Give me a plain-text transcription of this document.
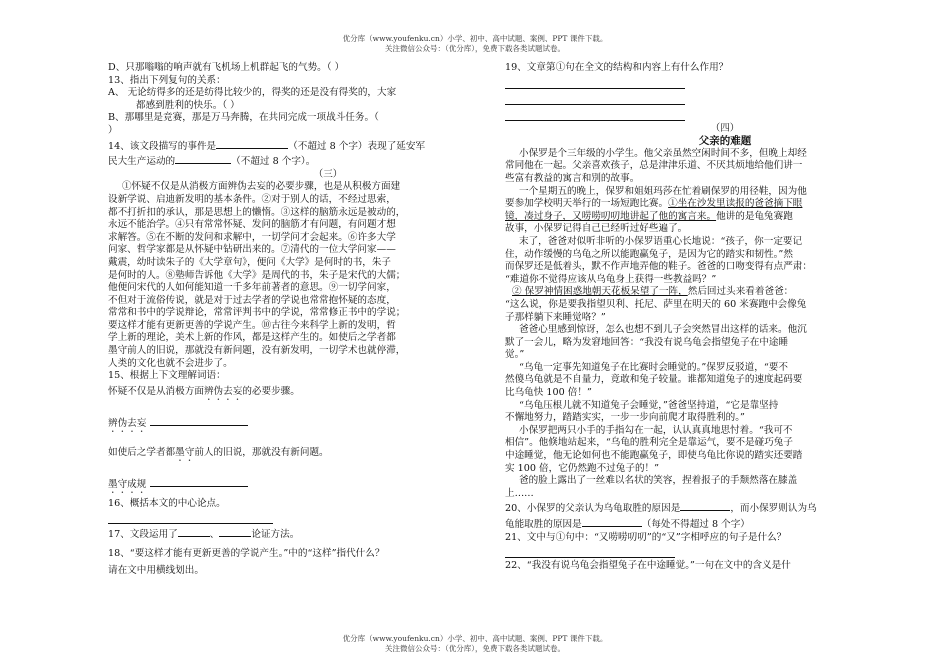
优分库（www.youfenku.cn）小学、初中、高中试题、案例、PPT 课件下载。
关注微信公众号：（优分库），免费下载各类试题试卷。

D、只那嗡嗡的响声就有飞机场上机群起飞的气势。（ ）

13、指出下列复句的关系：

A、 无论纺得多的还是纺得比较少的，得奖的还是没有得奖的，大家

都感到胜利的快乐。（ ）

B、那哪里是竞赛，那是万马奔腾，在共同完成一项战斗任务。（

）

14、该文段描写的事件是	（不超过 8 个字）表现了延安军

民大生产运动的	（不超过 8 个字）。

（三）

①怀疑不仅是从消极方面辨伪去妄的必要步骤，也是从积极方面建

设新学说、启迪新发明的基本条件。②对于别人的话，不经过思索，

都不打折扣的承认，那是思想上的懒惰。③这样的脑筋永远是被动的，

永远不能治学。④只有常常怀疑、发问的脑筋才有问题，有问题才想

求解答。⑤在不断的发问和求解中，一切学问才会起来。⑥许多大学

问家、哲学家都是从怀疑中钻研出来的。⑦清代的一位大学问家——

戴震，幼时读朱子的《大学章句》，便问《大学》是何时的书，朱子

是何时的人。⑧塾师告诉他《大学》是周代的书，朱子是宋代的大儒；

他便问宋代的人如何能知道一千多年前著者的意思。⑨一切学问家，

不但对于流俗传说，就是对于过去学者的学说也常常抱怀疑的态度，

常常和书中的学说辩论，常常评判书中的学说，常常修正书中的学说；

要这样才能有更新更善的学说产生。⑩古往今来科学上新的发明，哲

学上新的理论，美术上新的作风，都是这样产生的。如使后之学者都

墨守前人的旧说，那就没有新问题，没有新发明，一切学术也就停滞，

人类的文化也就不会进步了。

15、根据上下文理解词语：

怀疑不仅是从消极方面辨伪去妄的必要步骤。

辨伪去妄

如使后之学者都墨守前人的旧说，那就没有新问题。

墨守成规

16、概括本文的中心论点。

17、文段运用了	、	论证方法。

18、“要这样才能有更新更善的学说产生。”中的“这样”指代什么？

请在文中用横线划出。

19、文章第①句在全文的结构和内容上有什么作用？

（四）

父亲的难题

小保罗是个三年级的小学生。他父亲虽然空闲时间不多，但晚上却经

常同他在一起。父亲喜欢孩子，总是津津乐道、不厌其烦地给他们讲一

些富有教益的寓言和別的故事。

一个星期五的晚上，保罗和姐姐玛莎在忙着刷保罗的用径鞋，因为他

要参加学校明天举行的一场短跑比赛。①坐在沙发里读报的爸爸摘下眼

镜，凑过身子，又唠唠叨叨地讲起了他的寓言来。他讲的是龟兔赛跑

故事，小保罗记得自己已经听过好些遍了。

末了，爸爸对似听非听的小保罗语重心长地说：“孩子，你一定要记

住，动作缓慢的乌龟之所以能跑赢兔子，是因为它的踏实和韧性。”然

而保罗还是低着头，默不作声地弄他的鞋子。爸爸的口吻变得有点严肃：

“难道你不觉得应该从乌龟身上获得一些教益吗？”

② 保罗神情困惑地朝天花板呆望了一阵，然后回过头来看着爸爸：

“这么说，你是要我指望贝利、托尼、萨里在明天的 60 米赛跑中会像兔

子那样躺下来睡觉咯？”

爸爸心里感到惊讶，怎么也想不到儿子会突然冒出这样的话来。他沉

默了一会儿，略为发窘地回答：“我没有说乌龟会指望兔子在中途睡

觉。”

“乌龟一定事先知道兔子在比赛时会睡觉的。”保罗反驳道，“要不

然傻乌龟就是不自量力，竟敢和兔子较量。谁都知道兔子的速度起码要

比乌龟快 100 倍！”

“乌龟压根儿就不知道兔子会睡觉，”爸爸坚持道，“它是靠坚持

不懈地努力，踏踏实实，一步一步向前爬才取得胜利的。”

小保罗把两只小手的手指勾在一起，认认真真地思忖着。“我可不

相信”。他倏地站起来，“乌龟的胜利完全是靠运气，要不是碰巧兔子

中途睡觉，他无论如何也不能跑赢兔子，即使乌龟比你说的踏实还要踏

实 100 倍，它仍然跑不过兔子的！”

爸的脸上露出了一丝难以名状的笑容，捏着报子的手颓然落在膝盖

上……

20、小保罗的父亲认为乌龟取胜的原因是	，而小保罗则认为乌

龟能取胜的原因是	（每处不得超过 8 个字）

21、文中与①句中：“又唠唠叨叨”的“又”字相呼应的句子是什么？

22、“我没有说乌龟会指望兔子在中途睡觉。”一句在文中的含义是什

优分库（www.youfenku.cn）小学、初中、高中试题、案例、PPT 课件下载。
关注微信公众号：（优分库），免费下载各类试题试卷。
